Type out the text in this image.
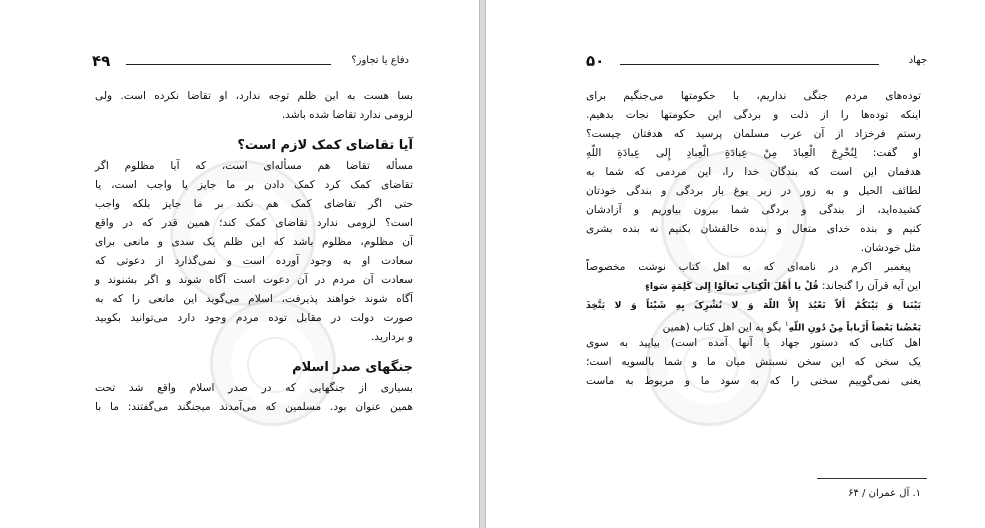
دفاع یا تجاوز؟
۴۹
بسا هست به این ظلم توجه ندارد، او تقاضا نکرده است. ولی
لزومی ندارد تقاضا شده باشد.
آیا تقاضای کمک لازم است؟
مسأله تقاضا هم مسأله‌ای است، که آیا مظلوم اگر
تقاضای کمک کرد کمک دادن بر ما جایز یا واجب است، یا
حتی اگر تقاضای کمک هم نکند بر ما جایز بلکه واجب
است؟ لزومی ندارد تقاضای کمک کند؛ همین قدر که در واقع
آن مظلوم، مظلوم باشد که این ظلم یک سدی و مانعی برای
سعادت او به وجود آورده است و نمی‌گذارد از دعوتی که
سعادت آن مردم در آن دعوت است آگاه شوند و اگر بشنوند و
آگاه شوند خواهند پذیرفت، اسلام می‌گوید این مانعی را که به
صورت دولت در مقابل توده مردم وجود دارد می‌توانید بکوبید
و بردارید.
جنگهای صدر اسلام
بسیاری از جنگهایی که در صدر اسلام واقع شد تحت
همین عنوان بود. مسلمین که می‌آمدند میجنگند می‌گفتند: ما با
جهاد
۵۰
توده‌های مردم جنگی نداریم، با حکومتها می‌جنگیم برای
اینکه توده‌ها را از ذلت و بردگی این حکومتها نجات بدهیم.
رستم فرخزاد از آن عرب مسلمان پرسید که هدفتان چیست؟
او گفت: لِنُخْرِجَ الْعِبادَ مِنْ عِبادَةِ الْعِبادِ إِلی عِبادَةِ اللّهِ
هدفمان این است که بندگان خدا را، این مردمی که شما به
لطائف الحیل و به زور در زیر یوغ بار بردگی و بندگی خودتان
کشیده‌اید، از بندگی و بردگی شما بیرون بیاوریم و آزادشان
کنیم و بنده خدای متعال و بنده خالقشان بکنیم نه بنده بشری
مثل خودشان.
پیغمبر اکرم در نامه‌ای که به اهل کتاب نوشت مخصوصاً
این آیه قرآن را گنجاند: قُلْ یا أَهْلَ الْکِتابِ تَعالَوْا إِلی کَلِمَةٍ سَواءٍ
بَیْنَنا وَ بَیْنَکُمْ أَلاّ نَعْبُدَ إِلاَّ اللّهَ وَ لا نُشْرِکَ بِهِ شَیْئاً وَ لا یَتَّخِذَ
بَعْضُنا بَعْضاً أَرْباباً مِنْ دُونِ اللّهِ$^۱$ بگو به این اهل کتاب (همین
اهل کتابی که دستور جهاد با آنها آمده است) بیایید به سوی
یک سخن که این سخن نسبتش میان ما و شما بالسویه است؛
یعنی نمی‌گوییم سخنی را که به سود ما و مربوط به ماست
۱. آل عمران / ۶۴
